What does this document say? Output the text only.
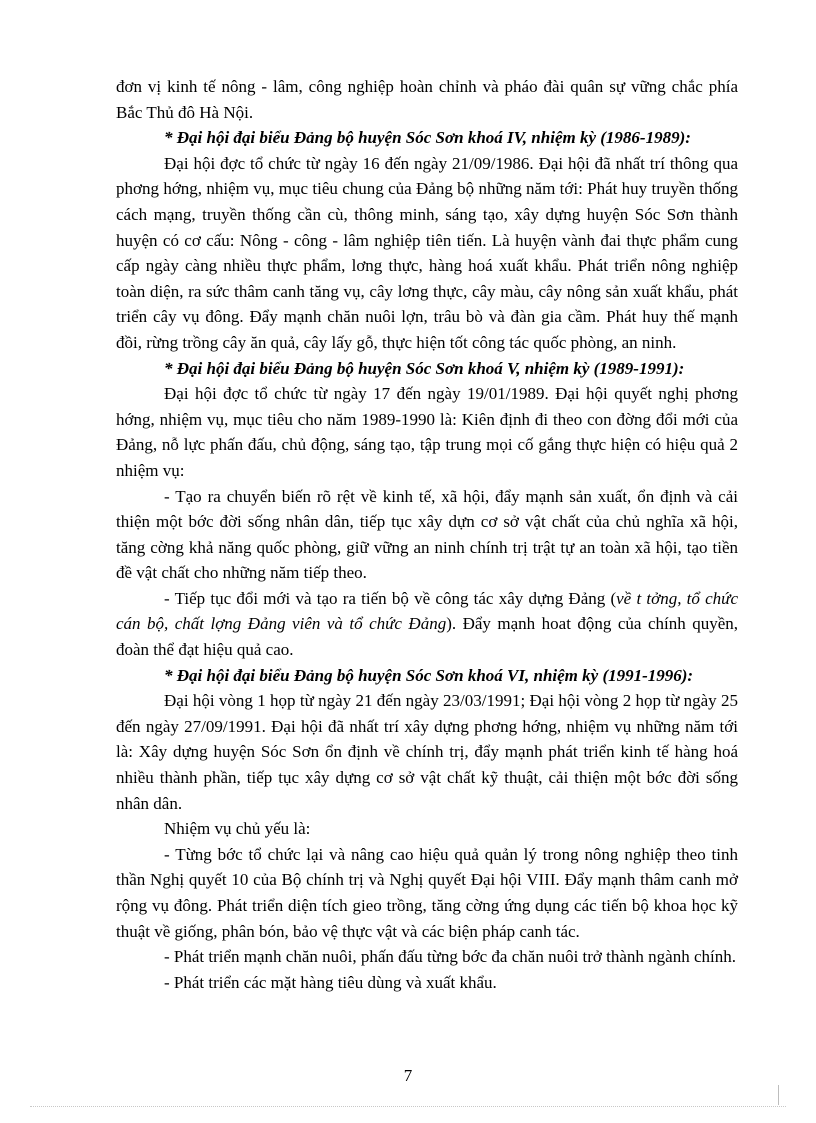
đơn vị kinh tế nông - lâm, công nghiệp hoàn chỉnh và pháo đài quân sự vững chắc phía Bắc Thủ đô Hà Nội.

* Đại hội đại biểu Đảng bộ huyện Sóc Sơn khoá IV, nhiệm kỳ (1986-1989):

Đại hội đợc tổ chức từ ngày 16 đến ngày 21/09/1986. Đại hội đã nhất trí thông qua phơng hớng, nhiệm vụ, mục tiêu chung của Đảng bộ những năm tới: Phát huy truyền thống cách mạng, truyền thống cần cù, thông minh, sáng tạo, xây dựng huyện Sóc Sơn thành huyện có cơ cấu: Nông - công - lâm nghiệp tiên tiến. Là huyện vành đai thực phẩm cung cấp ngày càng nhiều thực phẩm, lơng thực, hàng hoá xuất khẩu. Phát triển nông nghiệp toàn diện, ra sức thâm canh tăng vụ, cây lơng thực, cây màu, cây nông sản xuất khẩu, phát triển cây vụ đông. Đẩy mạnh chăn nuôi lợn, trâu bò và đàn gia cầm. Phát huy thế mạnh đồi, rừng trồng cây ăn quả, cây lấy gỗ, thực hiện tốt công tác quốc phòng, an ninh.

* Đại hội đại biểu Đảng bộ huyện Sóc Sơn khoá V, nhiệm kỳ (1989-1991):

Đại hội đợc tổ chức từ ngày 17 đến ngày 19/01/1989. Đại hội quyết nghị phơng hớng, nhiệm vụ, mục tiêu cho năm 1989-1990 là: Kiên định đi theo con đờng đổi mới của Đảng, nỗ lực phấn đấu, chủ động, sáng tạo, tập trung mọi cố gắng thực hiện có hiệu quả 2 nhiệm vụ:

- Tạo ra chuyển biến rõ rệt về kinh tế, xã hội, đẩy mạnh sản xuất, ổn định và cải thiện một bớc đời sống nhân dân, tiếp tục xây dựn cơ sở vật chất của chủ nghĩa xã hội, tăng cờng khả năng quốc phòng, giữ vững an ninh chính trị trật tự an toàn xã hội, tạo tiền đề vật chất cho những năm tiếp theo.

- Tiếp tục đổi mới và tạo ra tiến bộ về công tác xây dựng Đảng (về t tởng, tổ chức cán bộ, chất lợng Đảng viên và tổ chức Đảng). Đẩy mạnh hoat động của chính quyền, đoàn thể đạt hiệu quả cao.

* Đại hội đại biểu Đảng bộ huyện Sóc Sơn khoá VI, nhiệm kỳ (1991-1996):

Đại hội vòng 1 họp từ ngày 21 đến ngày 23/03/1991; Đại hội vòng 2 họp từ ngày 25 đến ngày 27/09/1991. Đại hội đã nhất trí xây dựng phơng hớng, nhiệm vụ những năm tới là: Xây dựng huyện Sóc Sơn ổn định về chính trị, đẩy mạnh phát triển kinh tế hàng hoá nhiều thành phần, tiếp tục xây dựng cơ sở vật chất kỹ thuật, cải thiện một bớc đời sống nhân dân.

Nhiệm vụ chủ yếu là:

- Từng bớc tổ chức lại và nâng cao hiệu quả quản lý trong nông nghiệp theo tinh thần Nghị quyết 10 của Bộ chính trị và Nghị quyết Đại hội VIII. Đẩy mạnh thâm canh mở rộng vụ đông. Phát triển diện tích gieo trồng, tăng cờng ứng dụng các tiến bộ khoa học kỹ thuật về giống, phân bón, bảo vệ thực vật và các biện pháp canh tác.

- Phát triển mạnh chăn nuôi, phấn đấu từng bớc đa chăn nuôi trở thành ngành chính.

- Phát triển các mặt hàng tiêu dùng và xuất khẩu.

7
